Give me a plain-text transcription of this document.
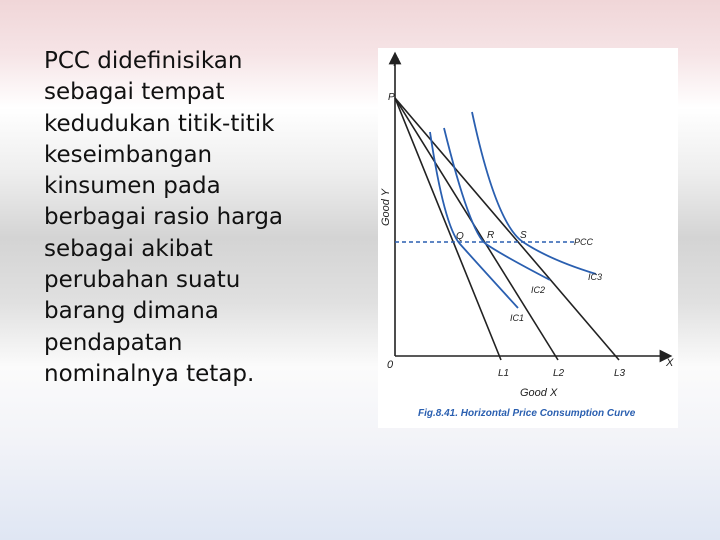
PCC didefinisikan
sebagai tempat
kedudukan titik-titik
keseimbangan
kinsumen pada
berbagai rasio harga
sebagai akibat
perubahan suatu
barang dimana
pendapatan
nominalnya tetap.
Y
X
0
P
Good Y
Good X
Q R	S
PCC
IC3
IC2
IC1
L1	L2	L3
Fig.8.41. Horizontal Price Consumption Curve
